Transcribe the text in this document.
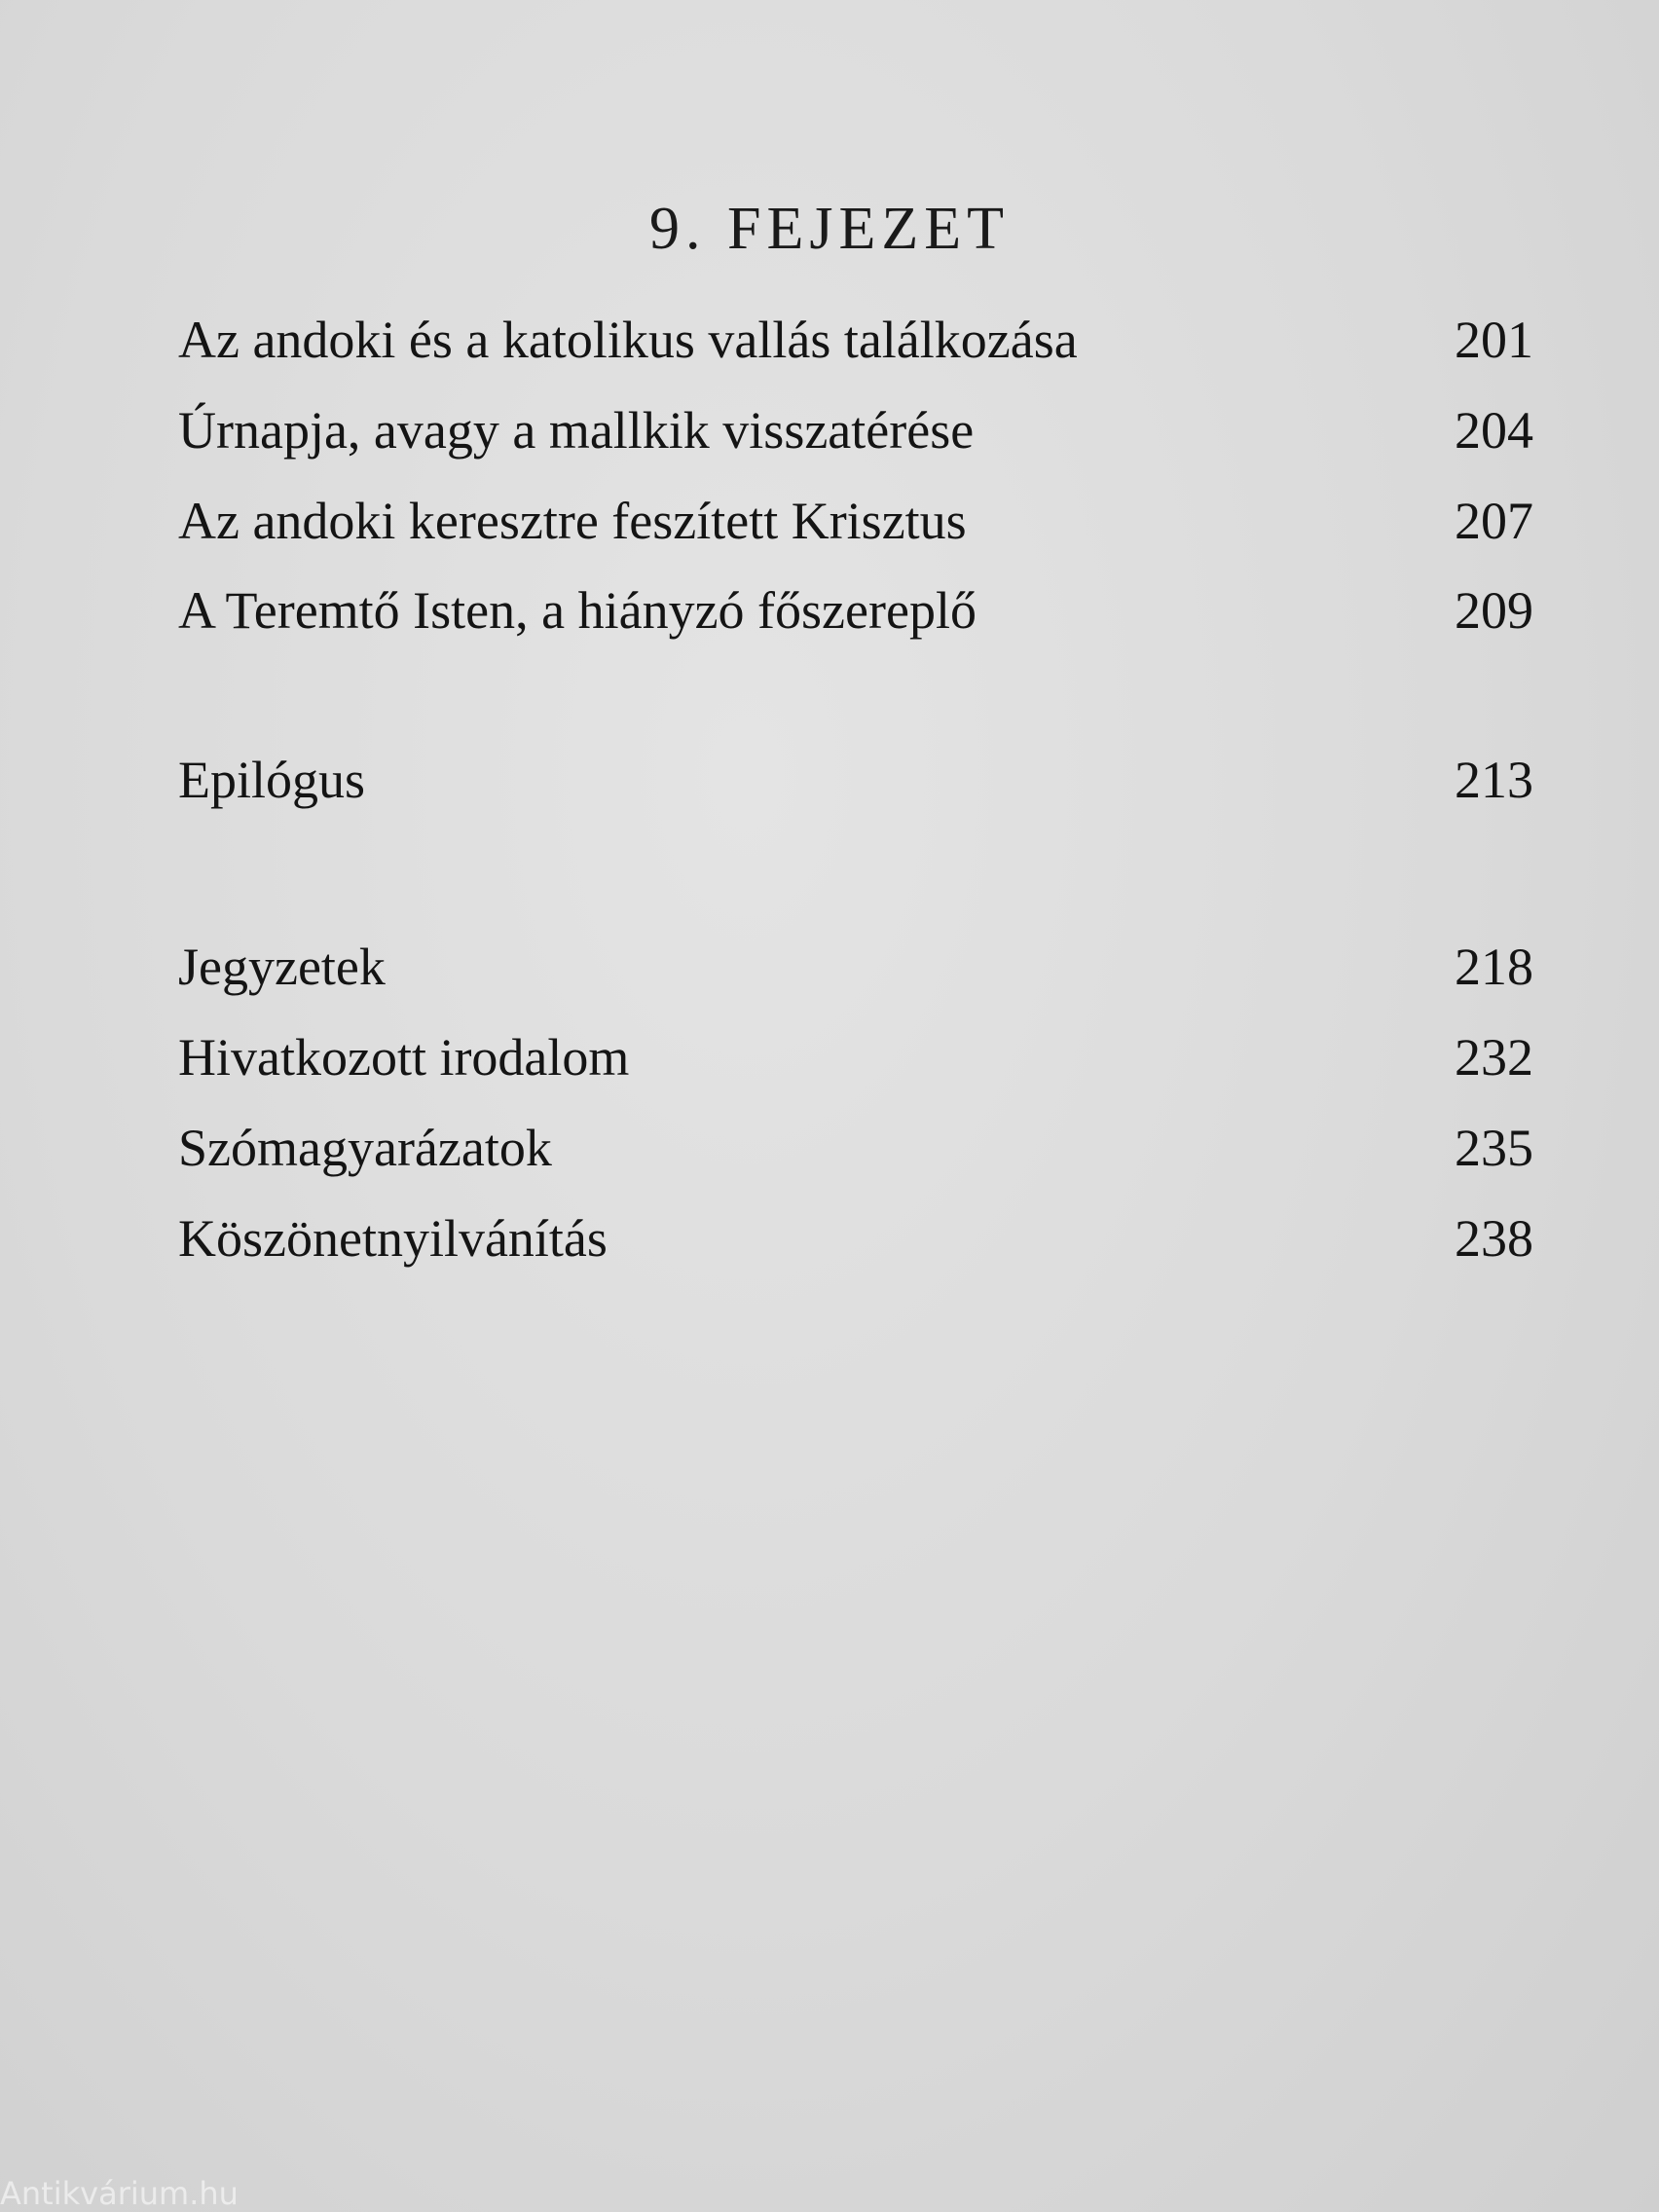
9. FEJEZET
Az andoki és a katolikus vallás találkozása	201
Úrnapja, avagy a mallkik visszatérése	204
Az andoki keresztre feszített Krisztus	207
A Teremtő Isten, a hiányzó főszereplő	209
Epilógus	213
Jegyzetek	218
Hivatkozott irodalom	232
Szómagyarázatok	235
Köszönetnyilvánítás	238
Antikvárium.hu
